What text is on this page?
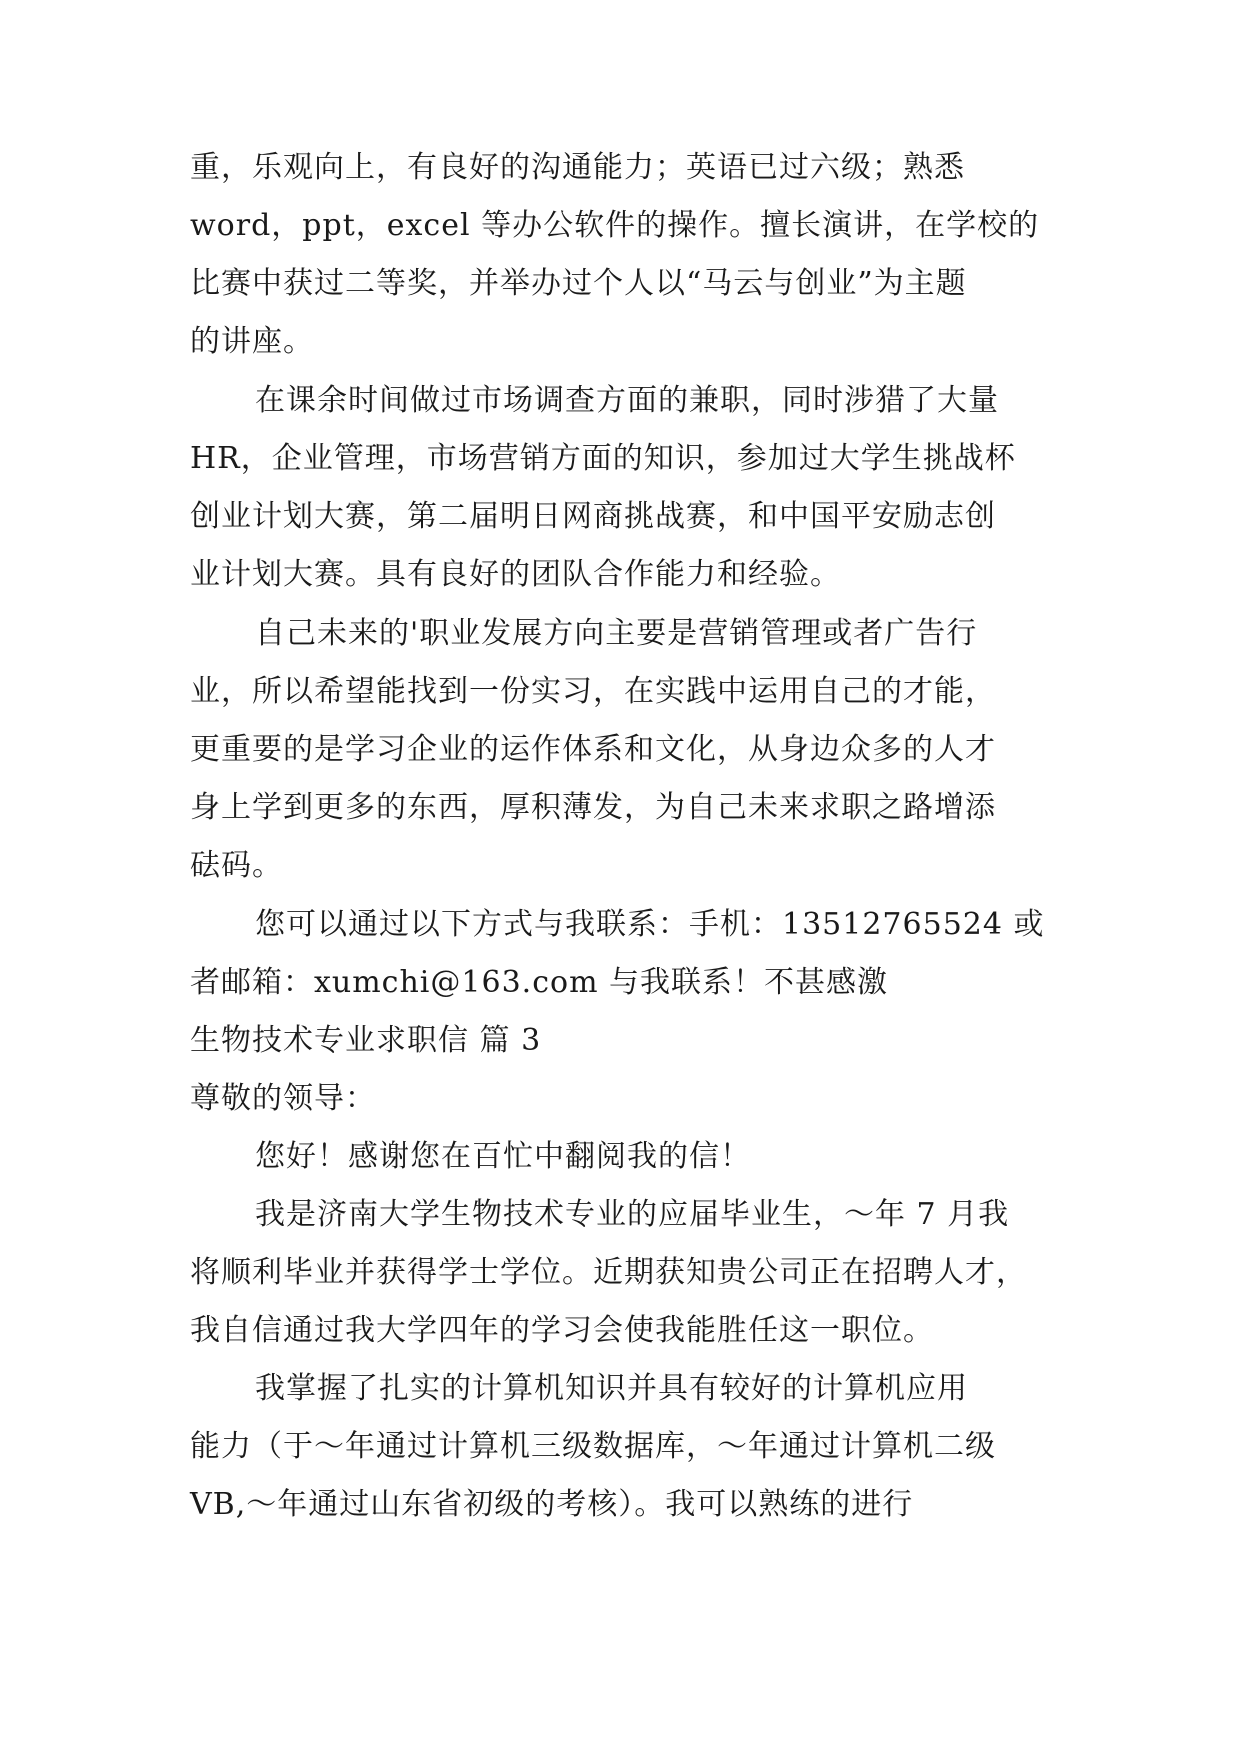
重，乐观向上，有良好的沟通能力；英语已过六级；熟悉
word，ppt，excel 等办公软件的操作。擅长演讲，在学校的
比赛中获过二等奖，并举办过个人以“马云与创业”为主题
的讲座。
在课余时间做过市场调查方面的兼职，同时涉猎了大量
HR，企业管理，市场营销方面的知识，参加过大学生挑战杯
创业计划大赛，第二届明日网商挑战赛，和中国平安励志创
业计划大赛。具有良好的团队合作能力和经验。
自己未来的'职业发展方向主要是营销管理或者广告行
业，所以希望能找到一份实习，在实践中运用自己的才能，
更重要的是学习企业的运作体系和文化，从身边众多的人才
身上学到更多的东西，厚积薄发，为自己未来求职之路增添
砝码。
您可以通过以下方式与我联系：手机：13512765524 或
者邮箱：xumchi@163.com 与我联系！不甚感激
生物技术专业求职信 篇 3
尊敬的领导：
您好！感谢您在百忙中翻阅我的信！
我是济南大学生物技术专业的应届毕业生，～年 7 月我
将顺利毕业并获得学士学位。近期获知贵公司正在招聘人才，
我自信通过我大学四年的学习会使我能胜任这一职位。
我掌握了扎实的计算机知识并具有较好的计算机应用
能力（于～年通过计算机三级数据库，～年通过计算机二级
VB,～年通过山东省初级的考核）。我可以熟练的进行
